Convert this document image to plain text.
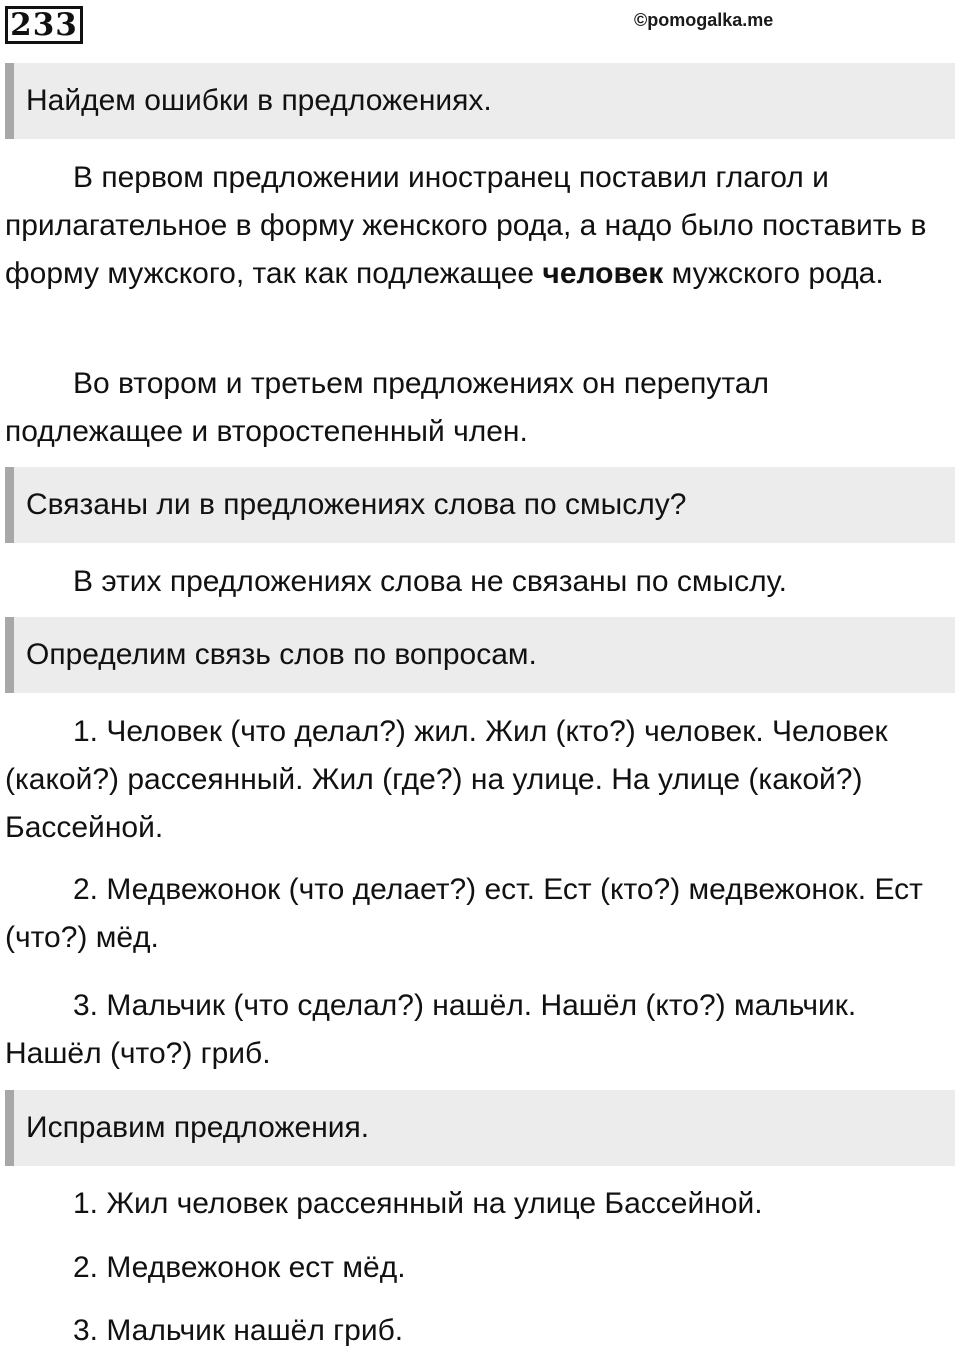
233	©pomogalka.me
Найдем ошибки в предложениях.

В первом предложении иностранец поставил глагол и прилагательное в форму женского рода, а надо было поставить в форму мужского, так как подлежащее человек мужского рода.

Во втором и третьем предложениях он перепутал подлежащее и второстепенный член.

Связаны ли в предложениях слова по смыслу?

В этих предложениях слова не связаны по смыслу.

Определим связь слов по вопросам.

1. Человек (что делал?) жил. Жил (кто?) человек. Человек (какой?) рассеянный. Жил (где?) на улице. На улице (какой?) Бассейной.

2. Медвежонок (что делает?) ест. Ест (кто?) медвежонок. Ест (что?) мёд.

3. Мальчик (что сделал?) нашёл. Нашёл (кто?) мальчик. Нашёл (что?) гриб.

Исправим предложения.

1. Жил человек рассеянный на улице Бассейной.

2. Медвежонок ест мёд.

3. Мальчик нашёл гриб.
